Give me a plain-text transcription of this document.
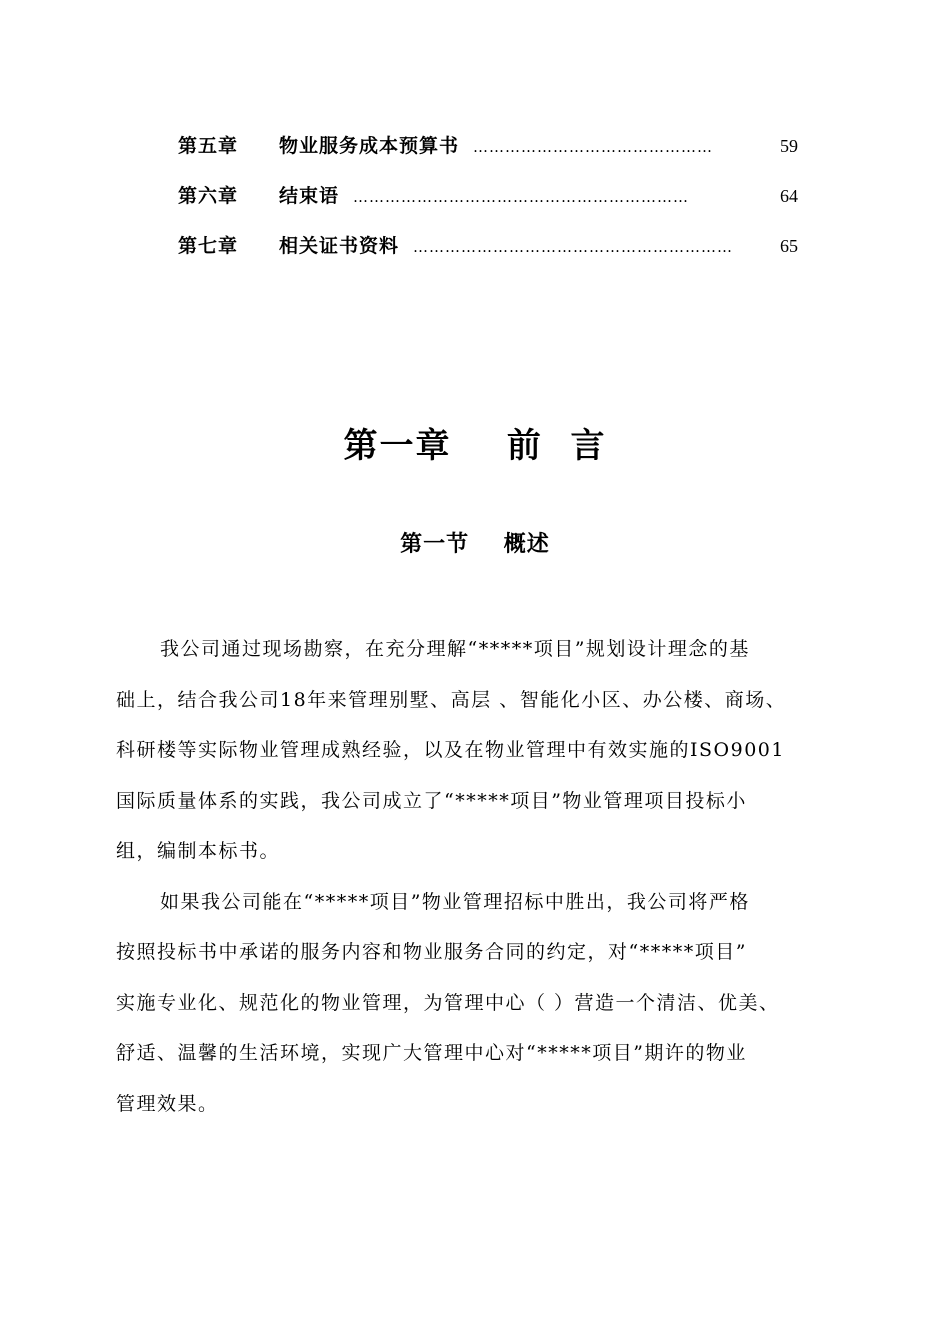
第五章	物业服务成本预算书 ………………………………………	59
第六章	结束语 ………………………………………………………	64
第七章	相关证书资料 ……………………………………………………	65
第一章    前  言
第一节    概述
我公司通过现场勘察，在充分理解“*****项目”规划设计理念的基
础上，结合我公司18年来管理别墅、高层 、智能化小区、办公楼、商场、
科研楼等实际物业管理成熟经验，以及在物业管理中有效实施的ISO9001
国际质量体系的实践，我公司成立了“*****项目”物业管理项目投标小
组，编制本标书。
如果我公司能在“*****项目”物业管理招标中胜出，我公司将严格
按照投标书中承诺的服务内容和物业服务合同的约定，对“*****项目”
实施专业化、规范化的物业管理，为管理中心（ ）营造一个清洁、优美、
舒适、温馨的生活环境，实现广大管理中心对“*****项目”期许的物业
管理效果。
